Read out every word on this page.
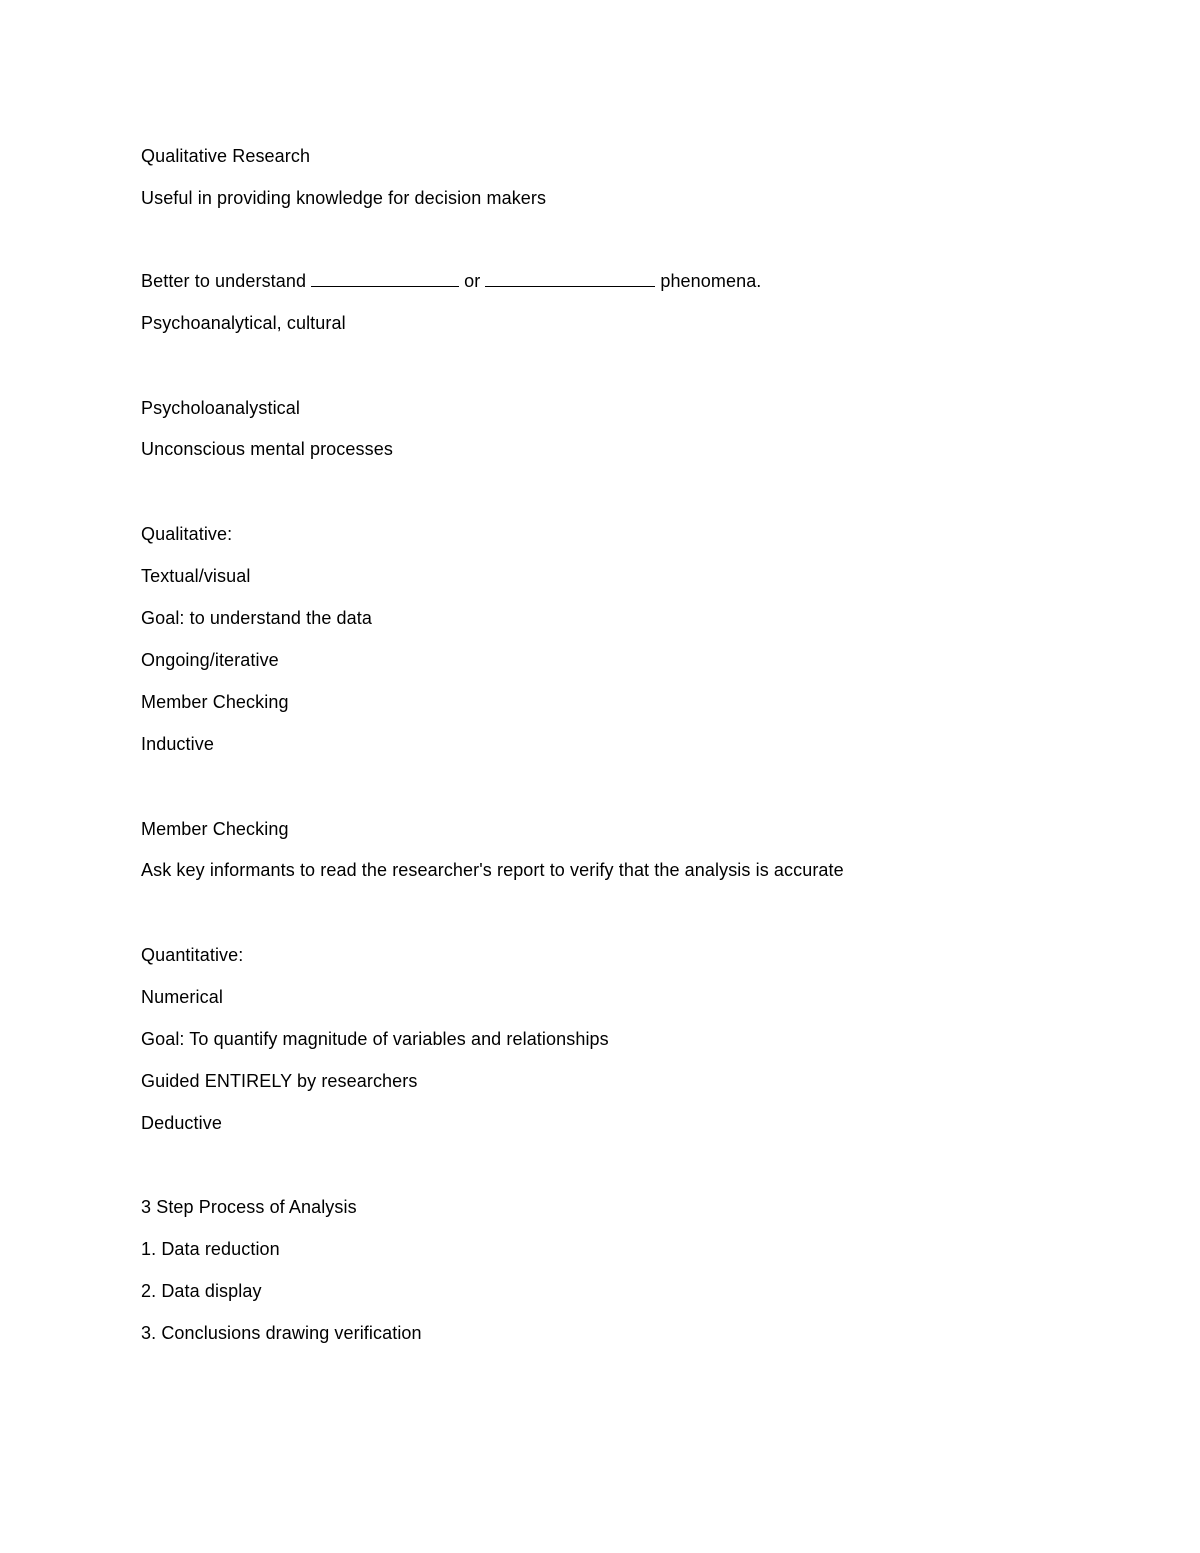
Qualitative Research
Useful in providing knowledge for decision makers
Better to understand	or	phenomena.
Psychoanalytical, cultural
Psycholoanalystical
Unconscious mental processes
Qualitative:
Textual/visual
Goal: to understand the data
Ongoing/iterative
Member Checking
Inductive
Member Checking
Ask key informants to read the researcher's report to verify that the analysis is accurate
Quantitative:
Numerical
Goal: To quantify magnitude of variables and relationships
Guided ENTIRELY by researchers
Deductive
3 Step Process of Analysis
1. Data reduction
2. Data display
3. Conclusions drawing verification
